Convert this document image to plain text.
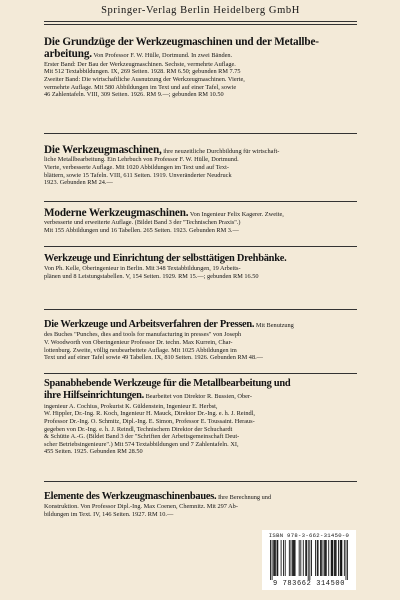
Springer-Verlag Berlin Heidelberg GmbH
Die Grundzüge der Werkzeugmaschinen und der Metallbe-
arbeitung. Von Professor F. W. Hülle, Dortmund. In zwei Bänden.
Erster Band: Der Bau der Werkzeugmaschinen. Sechste, vermehrte Auflage.
Mit 512 Textabbildungen. IX, 269 Seiten. 1928. RM 6.50; gebunden RM 7.75
Zweiter Band: Die wirtschaftliche Ausnutzung der Werkzeugmaschinen. Vierte,
vermehrte Auflage. Mit 580 Abbildungen im Text und auf einer Tafel, sowie
46 Zahlentafeln. VIII, 309 Seiten. 1926. RM 9.—; gebunden RM 10.50
Die Werkzeugmaschinen, ihre neuzeitliche Durchbildung für wirtschaft-
liche Metallbearbeitung. Ein Lehrbuch von Professor F. W. Hülle, Dortmund.
Vierte, verbesserte Auflage. Mit 1020 Abbildungen im Text und auf Text-
blättern, sowie 15 Tafeln. VIII, 611 Seiten. 1919. Unveränderter Neudruck
1923. Gebunden RM 24.—
Moderne Werkzeugmaschinen. Von Ingenieur Felix Kagerer. Zweite,
verbesserte und erweiterte Auflage. (Bildet Band 3 der "Technischen Praxis".)
Mit 155 Abbildungen und 16 Tabellen. 265 Seiten. 1923. Gebunden RM 3.—
Werkzeuge und Einrichtung der selbsttätigen Drehbänke.
Von Ph. Kelle, Oberingenieur in Berlin. Mit 348 Textabbildungen, 19 Arbeits-
plänen und 8 Leistungstabellen. V, 154 Seiten. 1929. RM 15.—; gebunden RM 16.50
Die Werkzeuge und Arbeitsverfahren der Pressen. Mit Benutzung
des Buches "Punches, dies and tools for manufacturing in presses" von Joseph
V. Woodworth von Oberingenieur Professor Dr. techn. Max Kurrein, Char-
lottenburg. Zweite, völlig neubearbeitete Auflage. Mit 1025 Abbildungen im
Text und auf einer Tafel sowie 49 Tabellen. IX, 810 Seiten. 1926. Gebunden RM 48.—
Spanabhebende Werkzeuge für die Metallbearbeitung und
ihre Hilfseinrichtungen. Bearbeitet von Direktor R. Bussien, Ober-
ingenieur A. Cochius, Prokurist K. Güldenstein, Ingenieur E. Herbst,
W. Hippler, Dr.-Ing. R. Koch, Ingenieur H. Mauck, Direktor Dr.-Ing. e. h. J. Reindl,
Professor Dr.-Ing. O. Schmitz, Dipl.-Ing. E. Simon, Professor E. Toussaint. Heraus-
gegeben von Dr.-Ing. e. h. J. Reindl, Technischem Direktor der Schuchardt
& Schütte A.-G. (Bildet Band 3 der "Schriften der Arbeitsgemeinschaft Deut-
scher Betriebsingenieure".) Mit 574 Textabbildungen und 7 Zahlentafeln. XI,
455 Seiten. 1925. Gebunden RM 28.50
Elemente des Werkzeugmaschinenbaues. Ihre Berechnung und
Konstruktion. Von Professor Dipl.-Ing. Max Coenen, Chemnitz. Mit 297 Ab-
bildungen im Text. IV, 146 Seiten. 1927. RM 10.—
ISBN 978-3-662-31450-0
9 783662 314500
